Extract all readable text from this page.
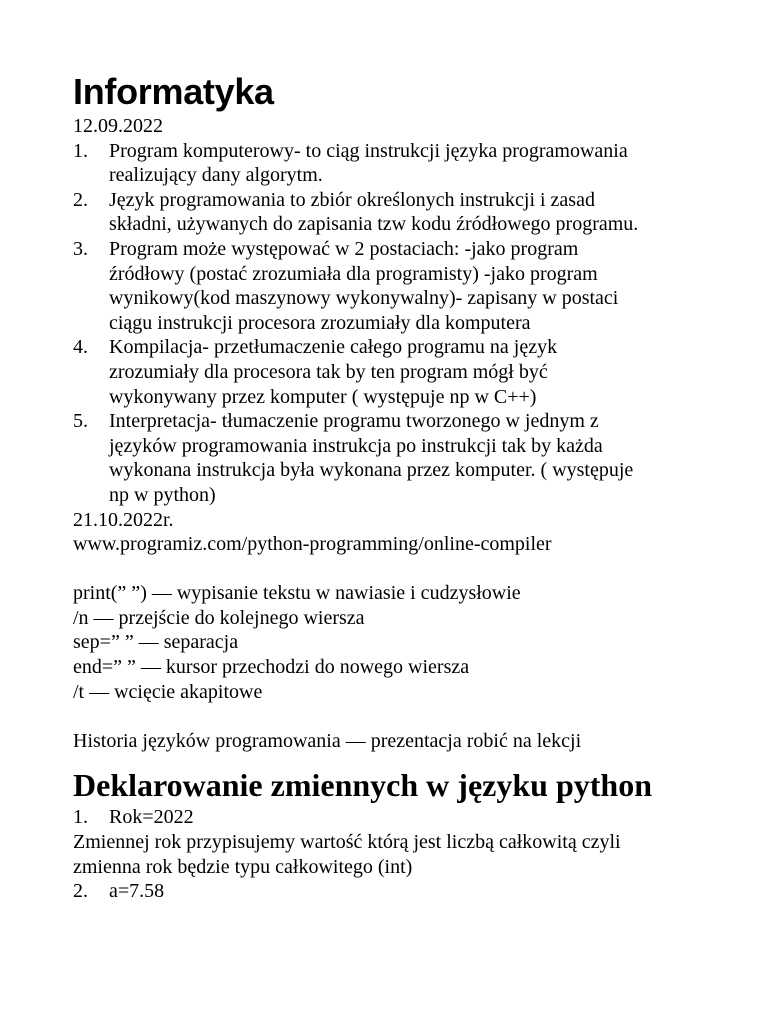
Informatyka

12.09.2022

1. Program komputerowy- to ciąg instrukcji języka programowania
realizujący dany algorytm.
2. Język programowania to zbiór określonych instrukcji i zasad
składni, używanych do zapisania tzw kodu źródłowego programu.
3. Program może występować w 2 postaciach: -jako program
źródłowy (postać zrozumiała dla programisty) -jako program
wynikowy(kod maszynowy wykonywalny)- zapisany w postaci
ciągu instrukcji procesora zrozumiały dla komputera
4. Kompilacja- przetłumaczenie całego programu na język
zrozumiały dla procesora tak by ten program mógł być
wykonywany przez komputer ( występuje np w C++)
5. Interpretacja- tłumaczenie programu tworzonego w jednym z
języków programowania instrukcja po instrukcji tak by każda
wykonana instrukcja była wykonana przez komputer. ( występuje
np w python)

21.10.2022r.

www.programiz.com/python-programming/online-compiler

print(” ”) — wypisanie tekstu w nawiasie i cudzysłowie

/n — przejście do kolejnego wiersza

sep=” ” — separacja

end=” ” — kursor przechodzi do nowego wiersza

/t — wcięcie akapitowe

Historia języków programowania — prezentacja robić na lekcji

Deklarowanie zmiennych w języku python
1. Rok=2022

Zmiennej rok przypisujemy wartość którą jest liczbą całkowitą czyli

zmienna rok będzie typu całkowitego (int)

2. a=7.58
